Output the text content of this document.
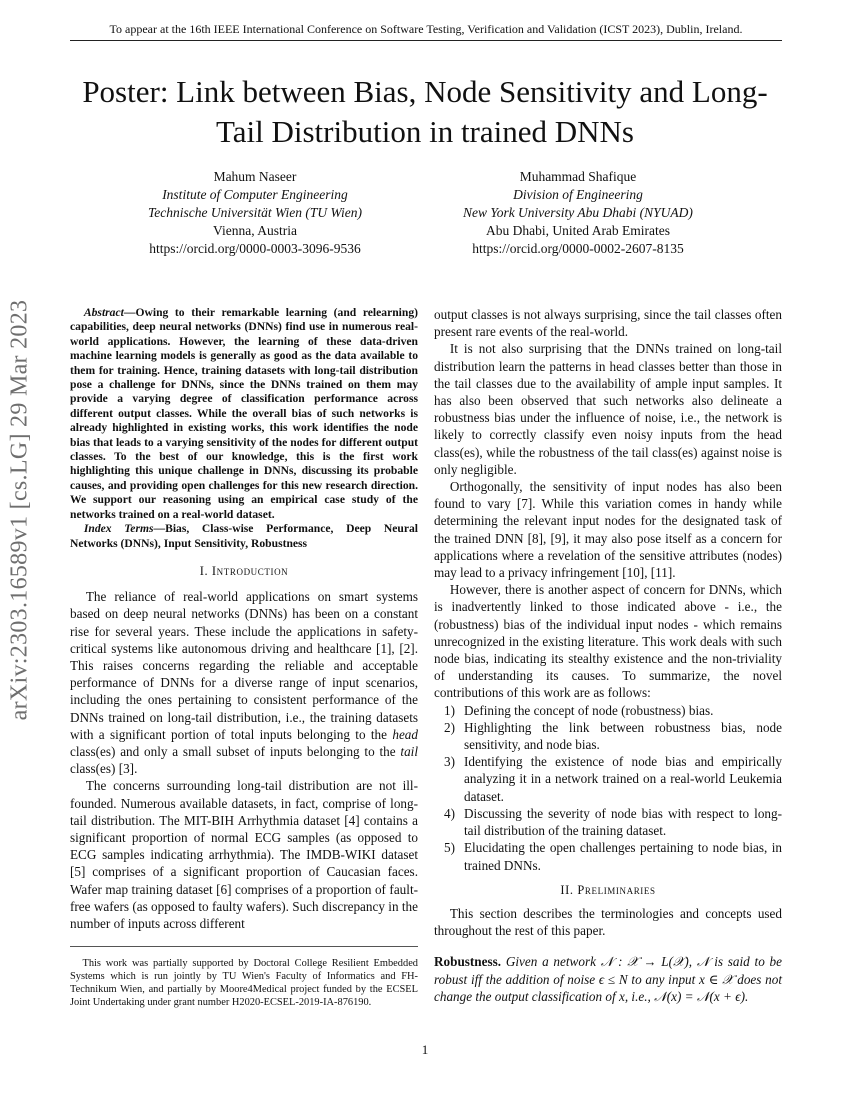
To appear at the 16th IEEE International Conference on Software Testing, Verification and Validation (ICST 2023), Dublin, Ireland.
Poster: Link between Bias, Node Sensitivity and Long-Tail Distribution in trained DNNs
Mahum Naseer
Institute of Computer Engineering
Technische Universität Wien (TU Wien)
Vienna, Austria
https://orcid.org/0000-0003-3096-9536
Muhammad Shafique
Division of Engineering
New York University Abu Dhabi (NYUAD)
Abu Dhabi, United Arab Emirates
https://orcid.org/0000-0002-2607-8135
arXiv:2303.16589v1 [cs.LG] 29 Mar 2023	Abstract—Owing to their remarkable learning (and relearning) capabilities, deep neural networks (DNNs) find use in numerous real-world applications. However, the learning of these data-driven machine learning models is generally as good as the data available to them for training. Hence, training datasets with long-tail distribution pose a challenge for DNNs, since the DNNs trained on them may provide a varying degree of classification performance across different output classes. While the overall bias of such networks is already highlighted in existing works, this work identifies the node bias that leads to a varying sensitivity of the nodes for different output classes. To the best of our knowledge, this is the first work highlighting this unique challenge in DNNs, discussing its probable causes, and providing open challenges for this new research direction. We support our reasoning using an empirical case study of the networks trained on a real-world dataset.

Index Terms—Bias, Class-wise Performance, Deep Neural Networks (DNNs), Input Sensitivity, Robustness

I. Introduction

The reliance of real-world applications on smart systems based on deep neural networks (DNNs) has been on a constant rise for several years. These include the applications in safety-critical systems like autonomous driving and healthcare [1], [2]. This raises concerns regarding the reliable and acceptable performance of DNNs for a diverse range of input scenarios, including the ones pertaining to consistent performance of the DNNs trained on long-tail distribution, i.e., the training datasets with a significant portion of total inputs belonging to the head class(es) and only a small subset of inputs belonging to the tail class(es) [3].

The concerns surrounding long-tail distribution are not ill-founded. Numerous available datasets, in fact, comprise of long-tail distribution. The MIT-BIH Arrhythmia dataset [4] contains a significant proportion of normal ECG samples (as opposed to ECG samples indicating arrhythmia). The IMDB-WIKI dataset [5] comprises of a significant proportion of Caucasian faces. Wafer map training dataset [6] comprises of a proportion of fault-free wafers (as opposed to faulty wafers). Such discrepancy in the number of inputs across different

This work was partially supported by Doctoral College Resilient Embedded Systems which is run jointly by TU Wien's Faculty of Informatics and FH-Technikum Wien, and partially by Moore4Medical project funded by the ECSEL Joint Undertaking under grant number H2020-ECSEL-2019-IA-876190.

output classes is not always surprising, since the tail classes often present rare events of the real-world.

It is not also surprising that the DNNs trained on long-tail distribution learn the patterns in head classes better than those in the tail classes due to the availability of ample input samples. It has also been observed that such networks also delineate a robustness bias under the influence of noise, i.e., the network is likely to correctly classify even noisy inputs from the head class(es), while the robustness of the tail class(es) against noise is only negligible.

Orthogonally, the sensitivity of input nodes has also been found to vary [7]. While this variation comes in handy while determining the relevant input nodes for the designated task of the trained DNN [8], [9], it may also pose itself as a concern for applications where a revelation of the sensitive attributes (nodes) may lead to a privacy infringement [10], [11].

However, there is another aspect of concern for DNNs, which is inadvertently linked to those indicated above - i.e., the (robustness) bias of the individual input nodes - which remains unrecognized in the existing literature. This work deals with such node bias, indicating its stealthy existence and the non-triviality of understanding its causes. To summarize, the novel contributions of this work are as follows:

1) Defining the concept of node (robustness) bias.
2) Highlighting the link between robustness bias, node sensitivity, and node bias.
3) Identifying the existence of node bias and empirically analyzing it in a network trained on a real-world Leukemia dataset.
4) Discussing the severity of node bias with respect to long-tail distribution of the training dataset.
5) Elucidating the open challenges pertaining to node bias, in trained DNNs.
II. Preliminaries

This section describes the terminologies and concepts used throughout the rest of this paper.

Robustness. Given a network 𝒩 : 𝒳 → L(𝒳), 𝒩 is said to be robust iff the addition of noise ϵ ≤ N to any input x ∈ 𝒳 does not change the output classification of x, i.e., 𝒩(x) = 𝒩(x + ϵ).

1
